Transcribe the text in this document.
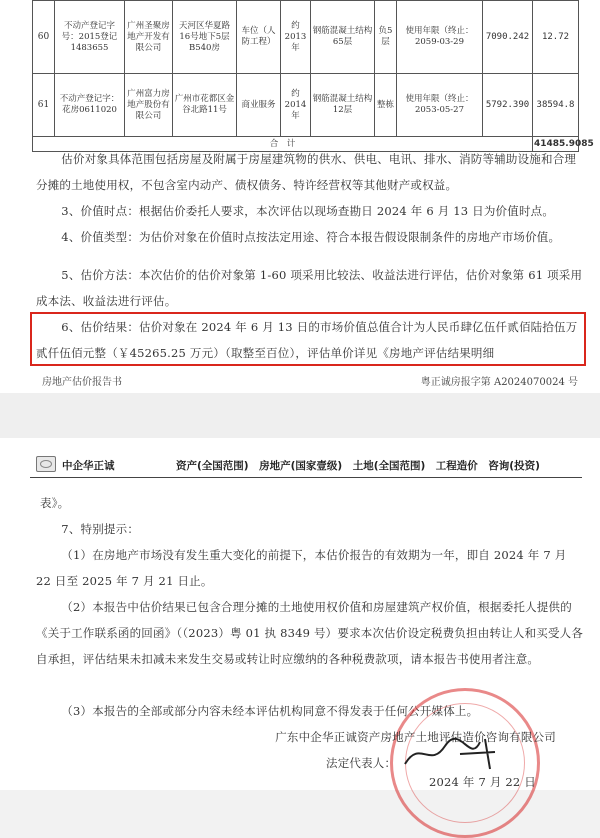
60	不动产登记字号：2015登记1483655	广州圣聚房地产开发有限公司	天河区华夏路16号地下5层B540房	车位（人防工程）	约2013年	钢筋混凝土结构65层	负5层	使用年限（终止：2059-03-29	7090.242	12.72
61	不动产登记字：花房0611020	广州富力房地产股份有限公司	广州市花都区金谷北路11号	商业服务	约2014年	钢筋混凝土结构12层	整栋	使用年限（终止：2053-05-27	5792.390	38594.8
合　计										41485.9085
估价对象具体范围包括房屋及附属于房屋建筑物的供水、供电、电讯、排水、消防等辅助设施和合理分摊的土地使用权，不包含室内动产、债权债务、特许经营权等其他财产或权益。
3、价值时点：根据估价委托人要求，本次评估以现场查勘日 2024 年 6 月 13 日为价值时点。
4、价值类型：为估价对象在价值时点按法定用途、符合本报告假设限制条件的房地产市场价值。
5、估价方法：本次估价的估价对象第 1-60 项采用比较法、收益法进行评估，估价对象第 61 项采用成本法、收益法进行评估。
6、估价结果：估价对象在 2024 年 6 月 13 日的市场价值总值合计为人民币肆亿伍仟贰佰陆拾伍万贰仟伍佰元整（￥45265.25 万元）（取整至百位），评估单价详见《房地产评估结果明细
房地产估价报告书	粤正诚房报字第 A2024070024 号
中企华正诚	资产(全国范围)　房地产(国家壹级)　土地(全国范围)　工程造价　咨询(投资)
表》。
7、特别提示：
（1）在房地产市场没有发生重大变化的前提下，本估价报告的有效期为一年，即自 2024 年 7 月 22 日至 2025 年 7 月 21 日止。
（2）本报告中估价结果已包含合理分摊的土地使用权价值和房屋建筑产权价值，根据委托人提供的《关于工作联系函的回函》（（2023）粤 01 执 8349 号）要求本次估价设定税费负担由转让人和买受人各自承担，评估结果未扣减未来发生交易或转让时应缴纳的各种税费款项，请本报告书使用者注意。
（3）本报告的全部或部分内容未经本评估机构同意不得发表于任何公开媒体上。
广东中企华正诚资产房地产土地评估造价咨询有限公司
法定代表人：
2024 年 7 月 22 日
